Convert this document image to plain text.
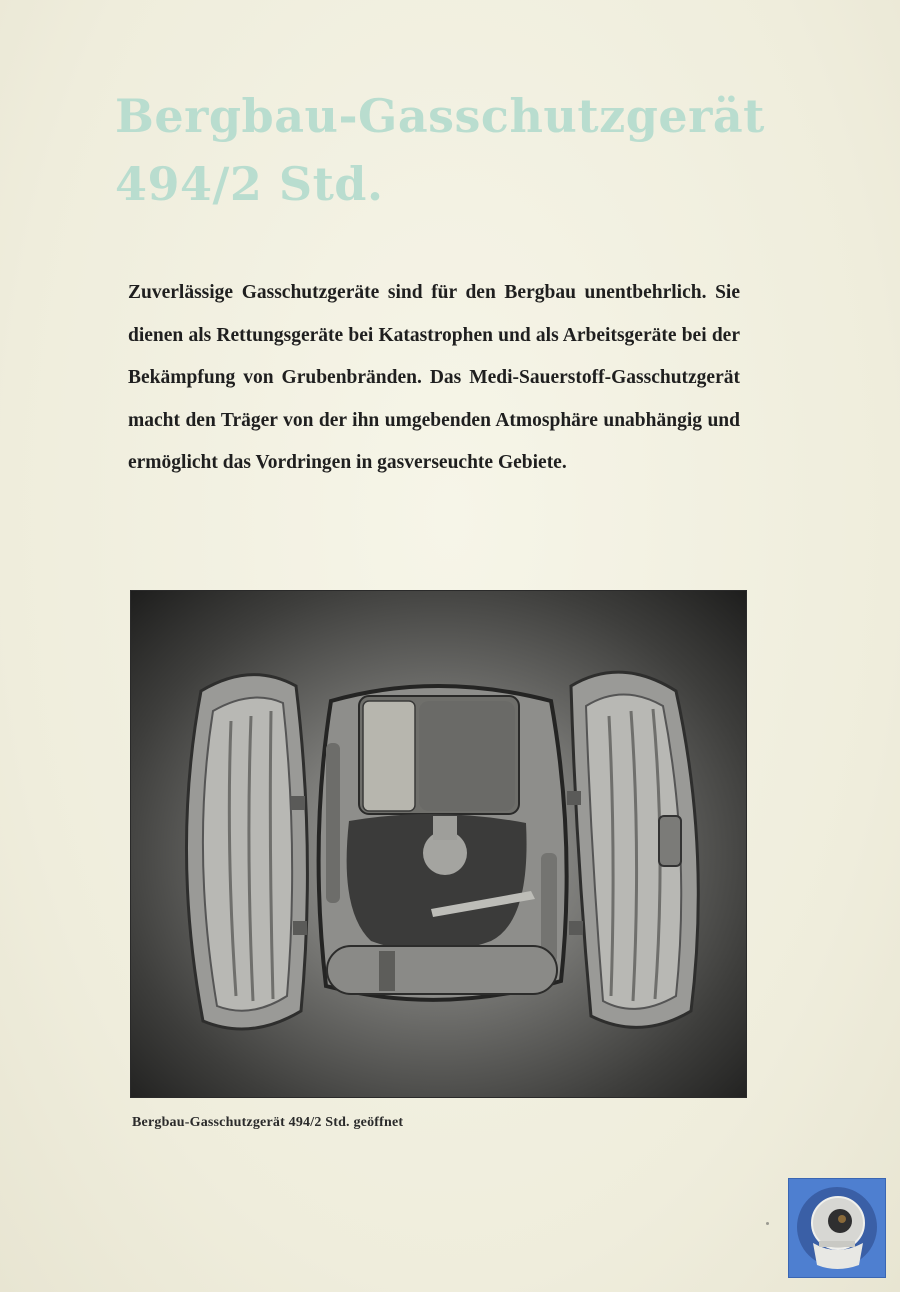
Bergbau-Gasschutzgerät
494/2 Std.
Zuverlässige Gasschutzgeräte sind für den Bergbau unentbehrlich. Sie dienen als Rettungsgeräte bei Katastrophen und als Arbeitsgeräte bei der Bekämpfung von Grubenbränden. Das Medi-Sauerstoff-Gasschutzgerät macht den Träger von der ihn umgebenden Atmosphäre unabhängig und ermöglicht das Vordringen in gasverseuchte Gebiete.
Bergbau-Gasschutzgerät 494/2 Std. geöffnet
